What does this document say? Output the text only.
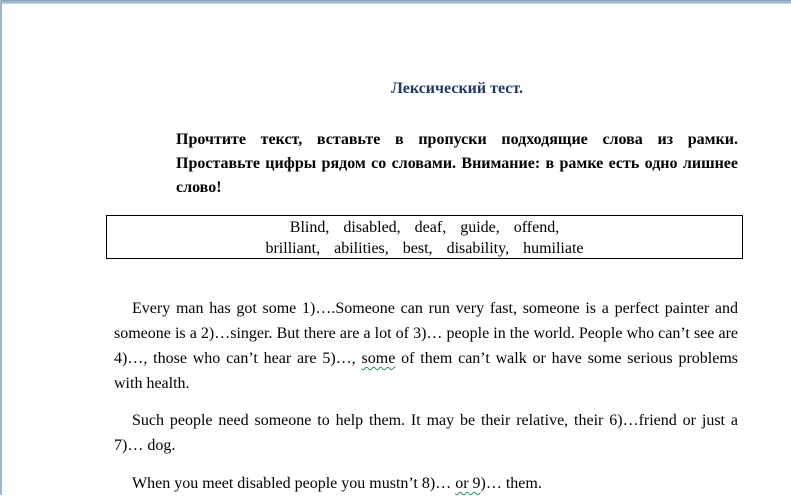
Лексический тест.
Прочтите текст, вставьте в пропуски подходящие слова из рамки. Проставьте цифры рядом со словами. Внимание: в рамке есть одно лишнее слово!
Blind, disabled, deaf, guide, offend,
brilliant, abilities, best, disability, humiliate
Every man has got some 1)….Someone can run very fast, someone is a perfect painter and someone is a 2)…singer. But there are a lot of 3)… people in the world. People who can’t see are 4)…, those who can’t hear are 5)…, some of them can’t walk or have some serious problems with health.
Such people need someone to help them. It may be their relative, their 6)…friend or just a 7)… dog.
When you meet disabled people you mustn’t 8)… or 9)… them.
